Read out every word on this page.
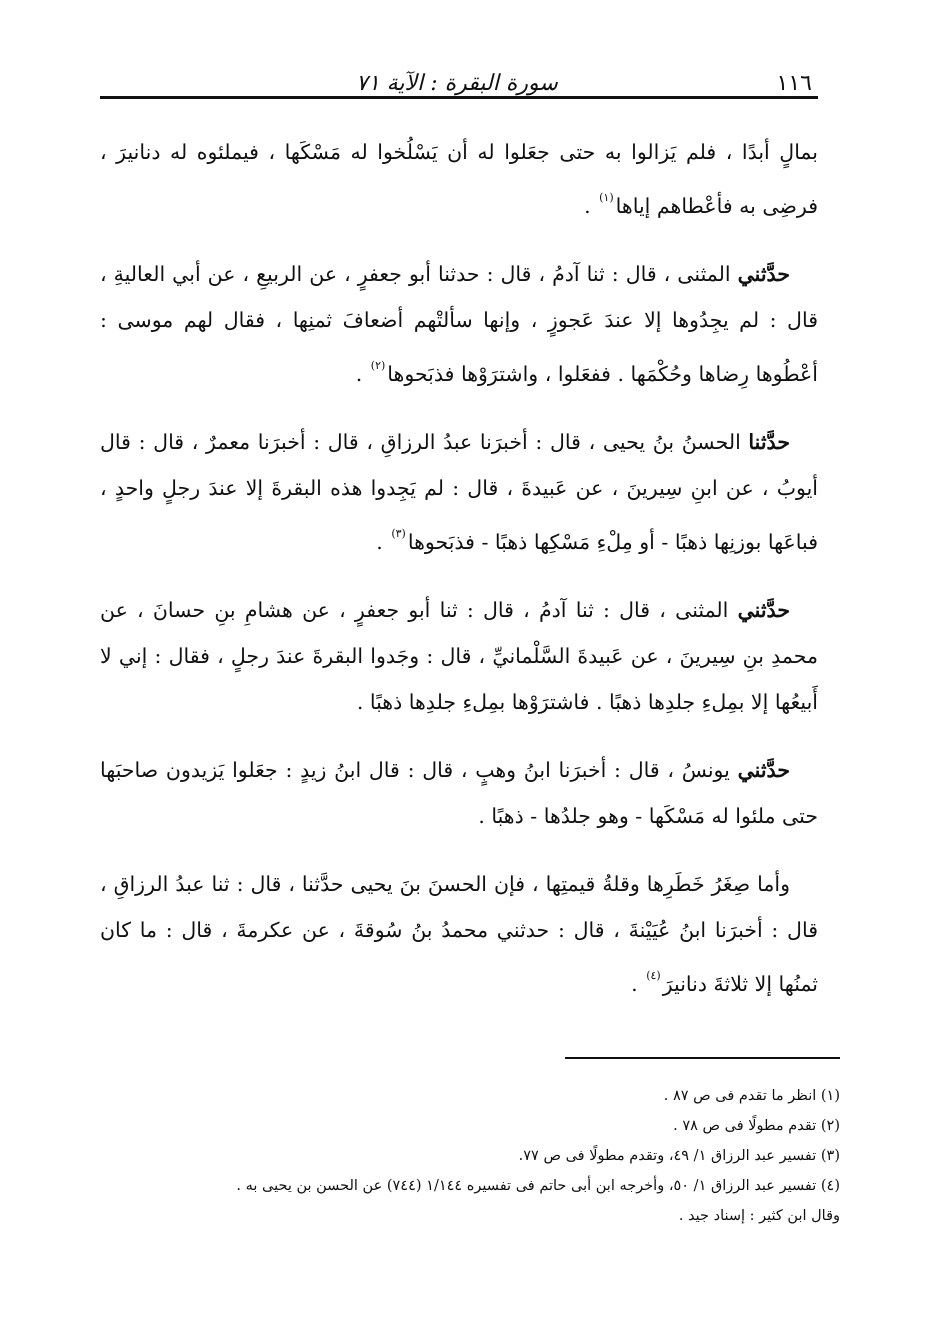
١١٦
سورة البقرة : الآية ٧١

بمالٍ أبدًا ، فلم يَزالوا به حتى جعَلوا له أن يَسْلُخوا له مَسْكَها ، فيملئوه له دنانيرَ ، فرضِى به فأعْطاهم إياها$^{(١)}$ .

حدَّثني المثنى ، قال : ثنا آدمُ ، قال : حدثنا أبو جعفرٍ ، عن الربيعِ ، عن أبي العاليةِ ، قال : لم يجِدُوها إلا عندَ عَجوزٍ ، وإنها سألتْهم أضعافَ ثمنِها ، فقال لهم موسى : أعْطُوها رِضاها وحُكْمَها . ففعَلوا ، واشترَوْها فذبَحوها$^{(٢)}$ .

حدَّثنا الحسنُ بنُ يحيى ، قال : أخبرَنا عبدُ الرزاقِ ، قال : أخبرَنا معمرٌ ، قال : قال أيوبُ ، عن ابنِ سِيرينَ ، عن عَبيدةَ ، قال : لم يَجِدوا هذه البقرةَ إلا عندَ رجلٍ واحدٍ ، فباعَها بوزنِها ذهبًا - أو مِلْءِ مَسْكِها ذهبًا - فذبَحوها$^{(٣)}$ .

حدَّثني المثنى ، قال : ثنا آدمُ ، قال : ثنا أبو جعفرٍ ، عن هشامِ بنِ حسانَ ، عن محمدِ بنِ سِيرينَ ، عن عَبيدةَ السَّلْمانيِّ ، قال : وجَدوا البقرةَ عندَ رجلٍ ، فقال : إني لا أَبيعُها إلا بمِلءِ جلدِها ذهبًا . فاشترَوْها بمِلءِ جلدِها ذهبًا .

حدَّثني يونسُ ، قال : أخبرَنا ابنُ وهبٍ ، قال : قال ابنُ زيدٍ : جعَلوا يَزيدون صاحبَها حتى ملئوا له مَسْكَها - وهو جلدُها - ذهبًا .

وأما صِغَرُ خَطَرِها وقلةُ قيمتِها ، فإن الحسنَ بنَ يحيى حدَّثنا ، قال : ثنا عبدُ الرزاقِ ، قال : أخبرَنا ابنُ عُيَيْنةَ ، قال : حدثني محمدُ بنُ سُوقةَ ، عن عكرمةَ ، قال : ما كان ثمنُها إلا ثلاثةَ دنانيرَ$^{(٤)}$ .

(١) انظر ما تقدم فى ص ٨٧ .

(٢) تقدم مطولًا فى ص ٧٨ .

(٣) تفسير عبد الرزاق ١/ ٤٩، وتقدم مطولًا فى ص ٧٧.

(٤) تفسير عبد الرزاق ١/ ٥٠، وأخرجه ابن أبى حاتم فى تفسيره ١/١٤٤ (٧٤٤) عن الحسن بن يحيى به .

وقال ابن كثير : إسناد جيد .
